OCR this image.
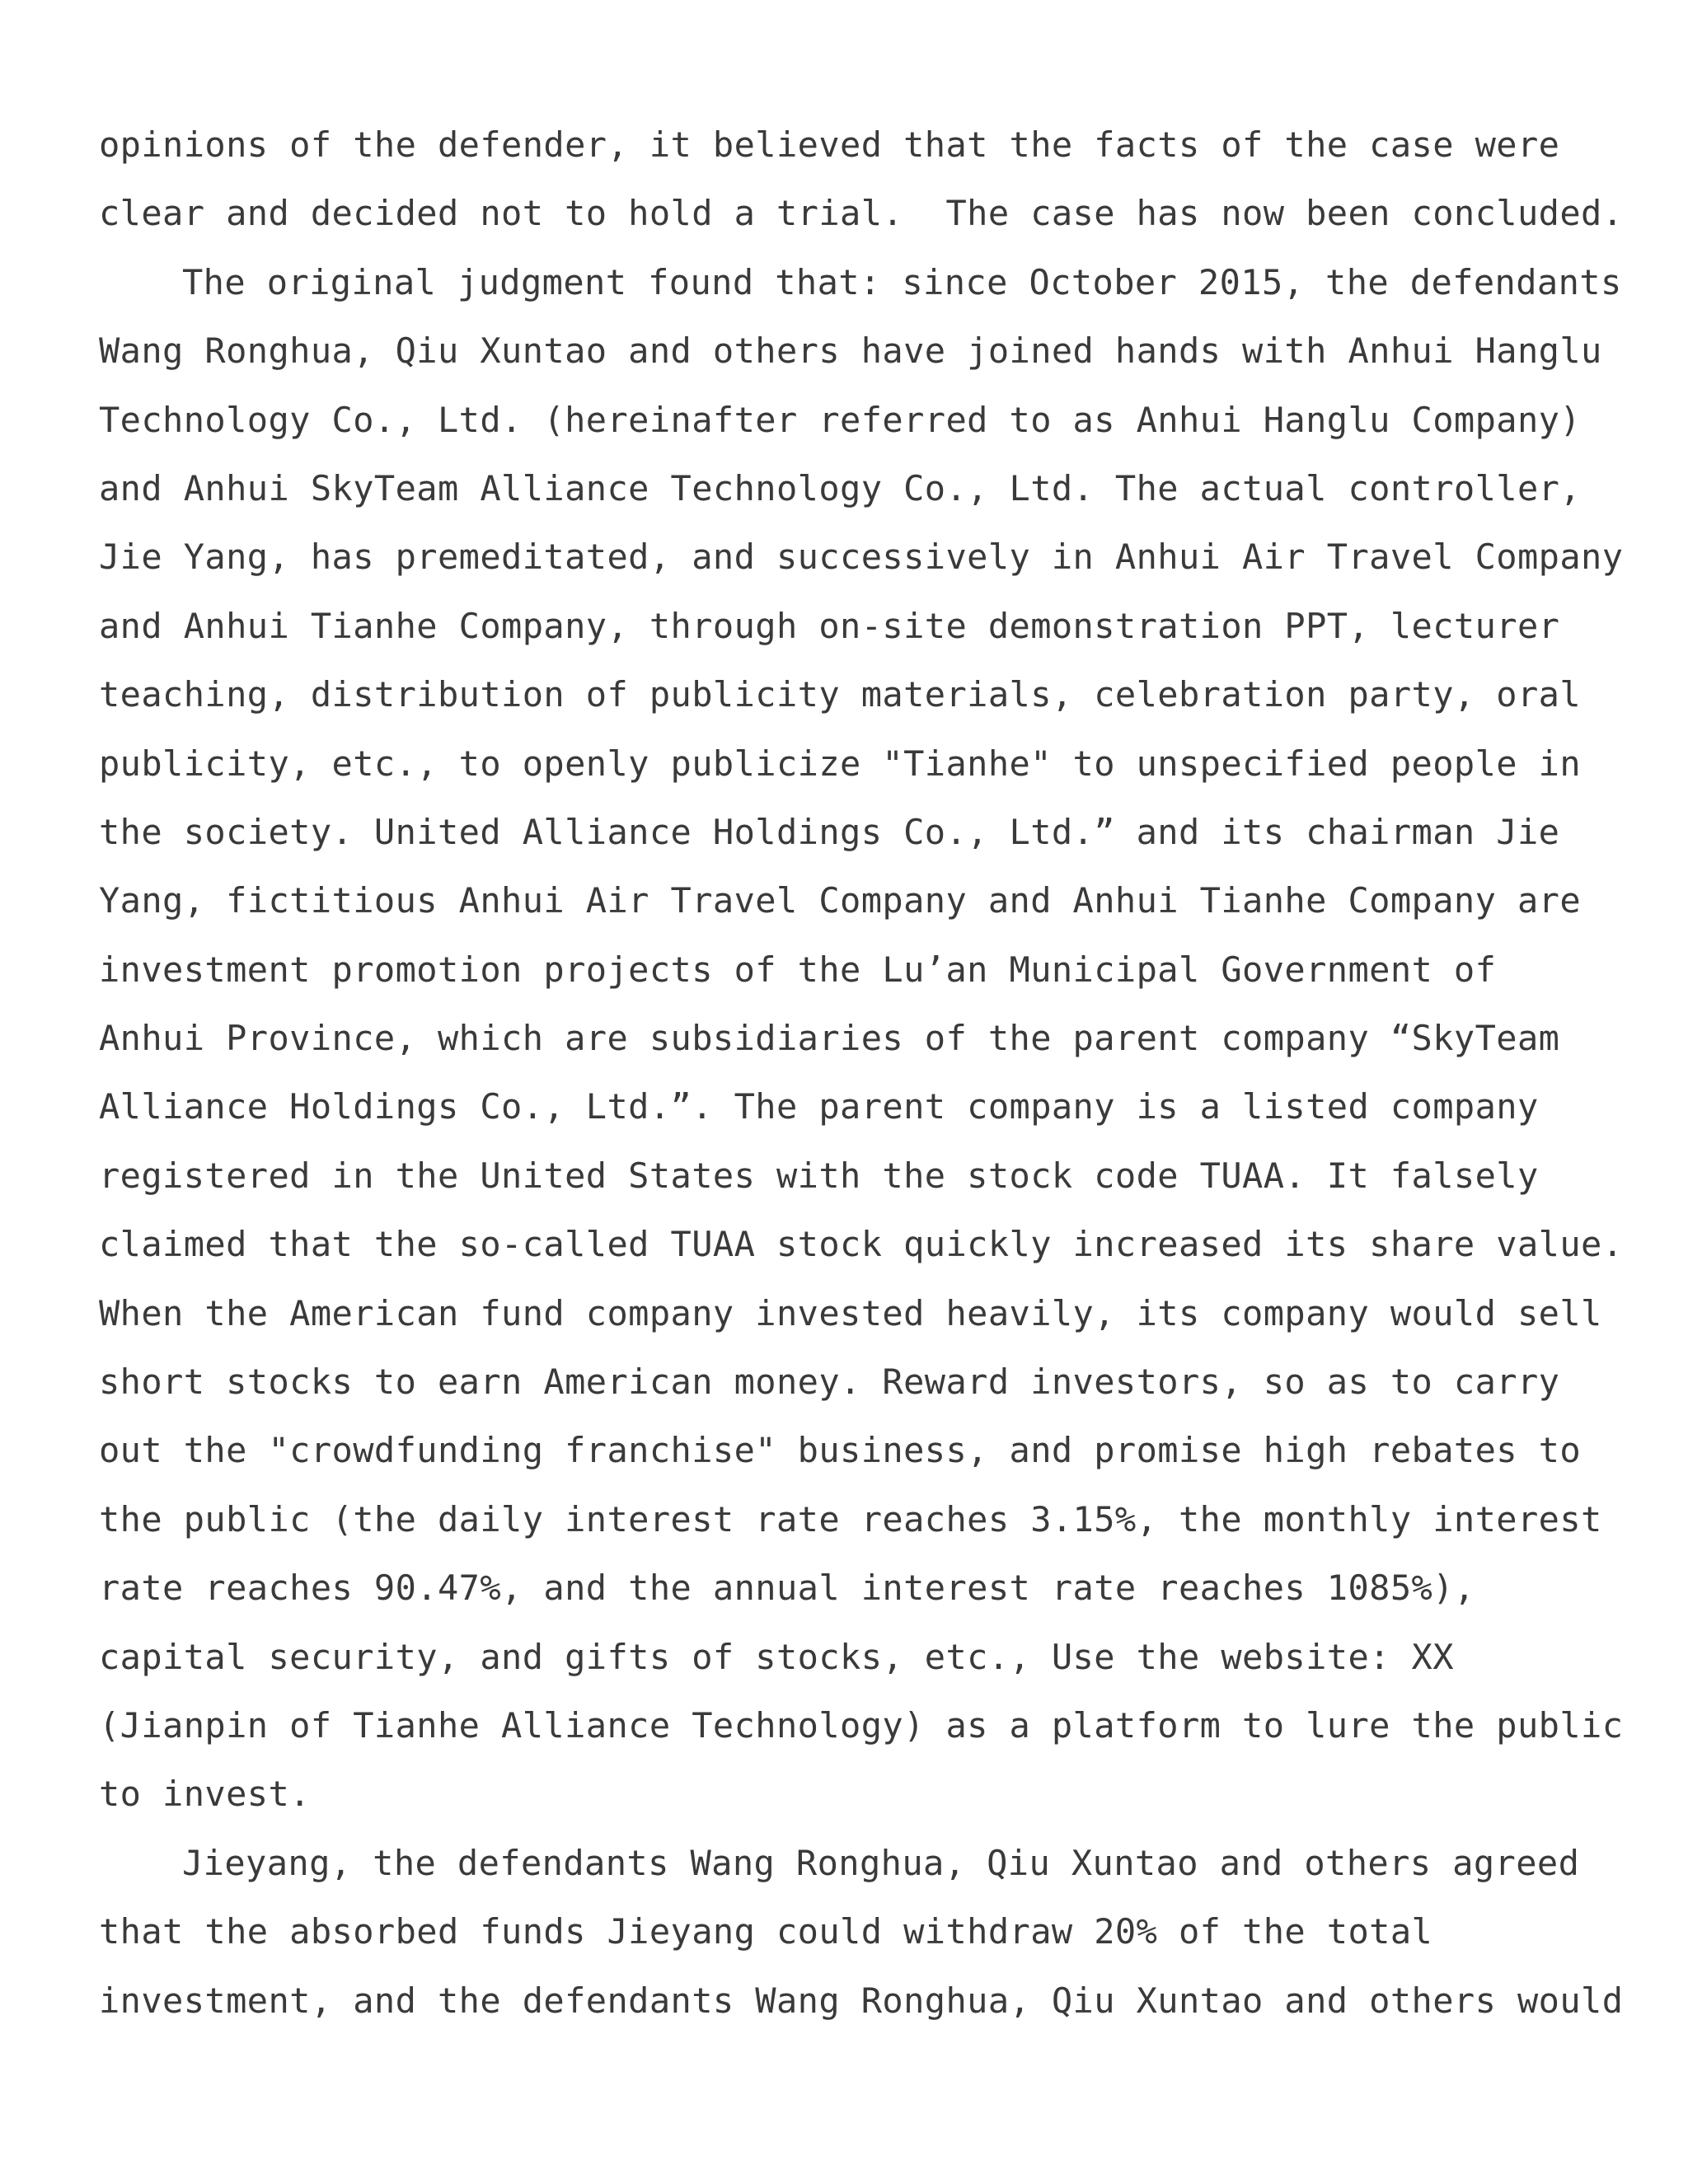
opinions of the defender, it believed that the facts of the case were
clear and decided not to hold a trial.  The case has now been concluded.
The original judgment found that: since October 2015, the defendants
Wang Ronghua, Qiu Xuntao and others have joined hands with Anhui Hanglu
Technology Co., Ltd. (hereinafter referred to as Anhui Hanglu Company)
and Anhui SkyTeam Alliance Technology Co., Ltd. The actual controller,
Jie Yang, has premeditated, and successively in Anhui Air Travel Company
and Anhui Tianhe Company, through on-site demonstration PPT, lecturer
teaching, distribution of publicity materials, celebration party, oral
publicity, etc., to openly publicize "Tianhe" to unspecified people in
the society. United Alliance Holdings Co., Ltd.” and its chairman Jie
Yang, fictitious Anhui Air Travel Company and Anhui Tianhe Company are
investment promotion projects of the Lu’an Municipal Government of
Anhui Province, which are subsidiaries of the parent company “SkyTeam
Alliance Holdings Co., Ltd.”. The parent company is a listed company
registered in the United States with the stock code TUAA. It falsely
claimed that the so-called TUAA stock quickly increased its share value.
When the American fund company invested heavily, its company would sell
short stocks to earn American money. Reward investors, so as to carry
out the "crowdfunding franchise" business, and promise high rebates to
the public (the daily interest rate reaches 3.15%, the monthly interest
rate reaches 90.47%, and the annual interest rate reaches 1085%),
capital security, and gifts of stocks, etc., Use the website: XX
(Jianpin of Tianhe Alliance Technology) as a platform to lure the public
to invest.
Jieyang, the defendants Wang Ronghua, Qiu Xuntao and others agreed
that the absorbed funds Jieyang could withdraw 20% of the total
investment, and the defendants Wang Ronghua, Qiu Xuntao and others would
